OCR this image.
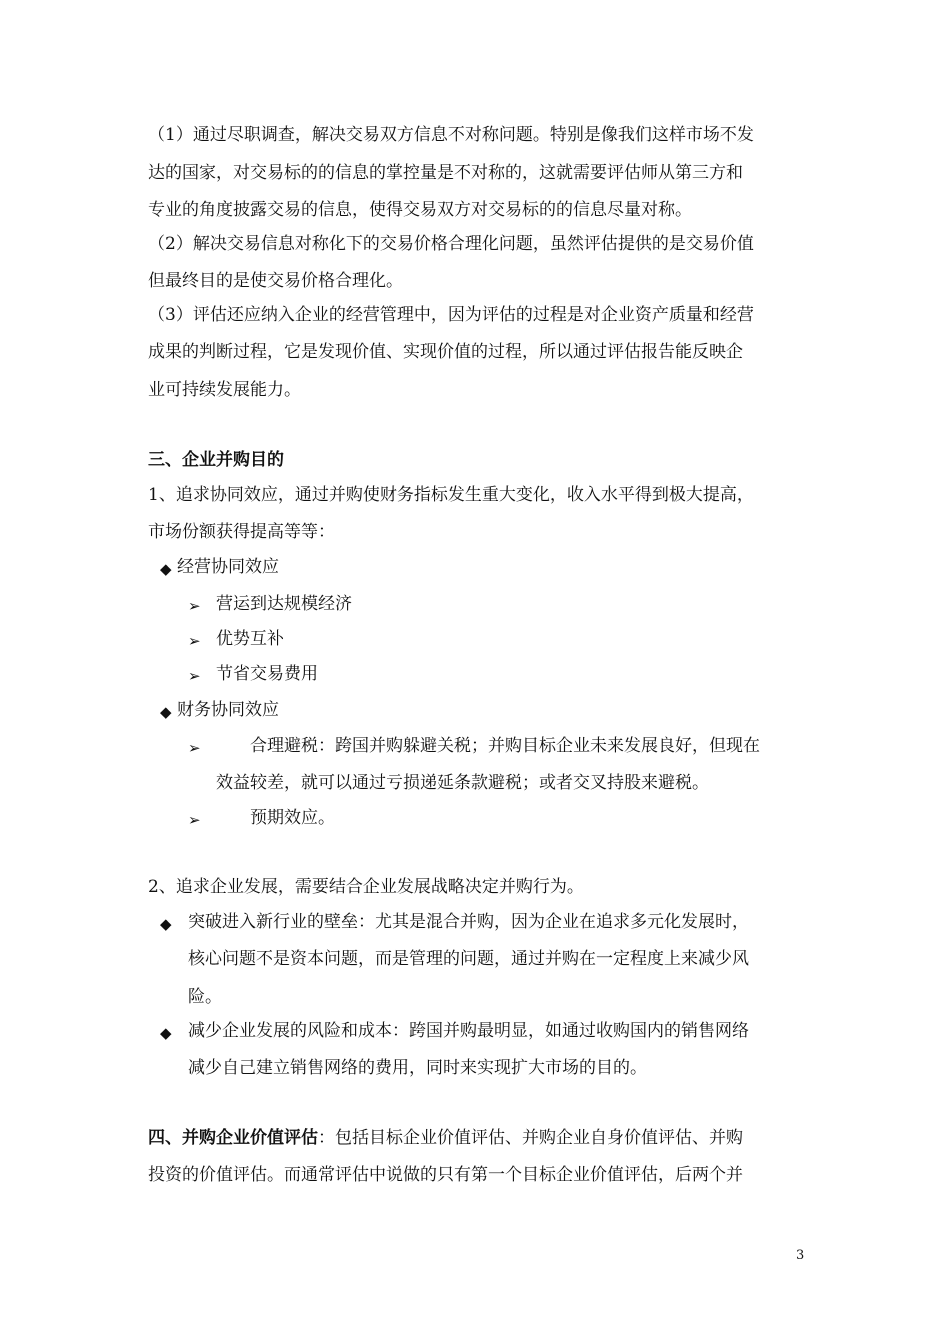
（1）通过尽职调查，解决交易双方信息不对称问题。特别是像我们这样市场不发
达的国家，对交易标的的信息的掌控量是不对称的，这就需要评估师从第三方和
专业的角度披露交易的信息，使得交易双方对交易标的的信息尽量对称。
（2）解决交易信息对称化下的交易价格合理化问题，虽然评估提供的是交易价值
但最终目的是使交易价格合理化。
（3）评估还应纳入企业的经营管理中，因为评估的过程是对企业资产质量和经营
成果的判断过程，它是发现价值、实现价值的过程，所以通过评估报告能反映企
业可持续发展能力。
三、企业并购目的
1、追求协同效应，通过并购使财务指标发生重大变化，收入水平得到极大提高，
市场份额获得提高等等：
◆ 经营协同效应
➢ 营运到达规模经济
➢ 优势互补
➢ 节省交易费用
◆ 财务协同效应
➢	合理避税：跨国并购躲避关税；并购目标企业未来发展良好，但现在
效益较差，就可以通过亏损递延条款避税；或者交叉持股来避税。
➢	预期效应。
2、追求企业发展，需要结合企业发展战略决定并购行为。
◆ 突破进入新行业的壁垒：尤其是混合并购，因为企业在追求多元化发展时，
核心问题不是资本问题，而是管理的问题，通过并购在一定程度上来减少风
险。
◆ 减少企业发展的风险和成本：跨国并购最明显，如通过收购国内的销售网络
减少自己建立销售网络的费用，同时来实现扩大市场的目的。
四、并购企业价值评估：包括目标企业价值评估、并购企业自身价值评估、并购
投资的价值评估。而通常评估中说做的只有第一个目标企业价值评估，后两个并
3
